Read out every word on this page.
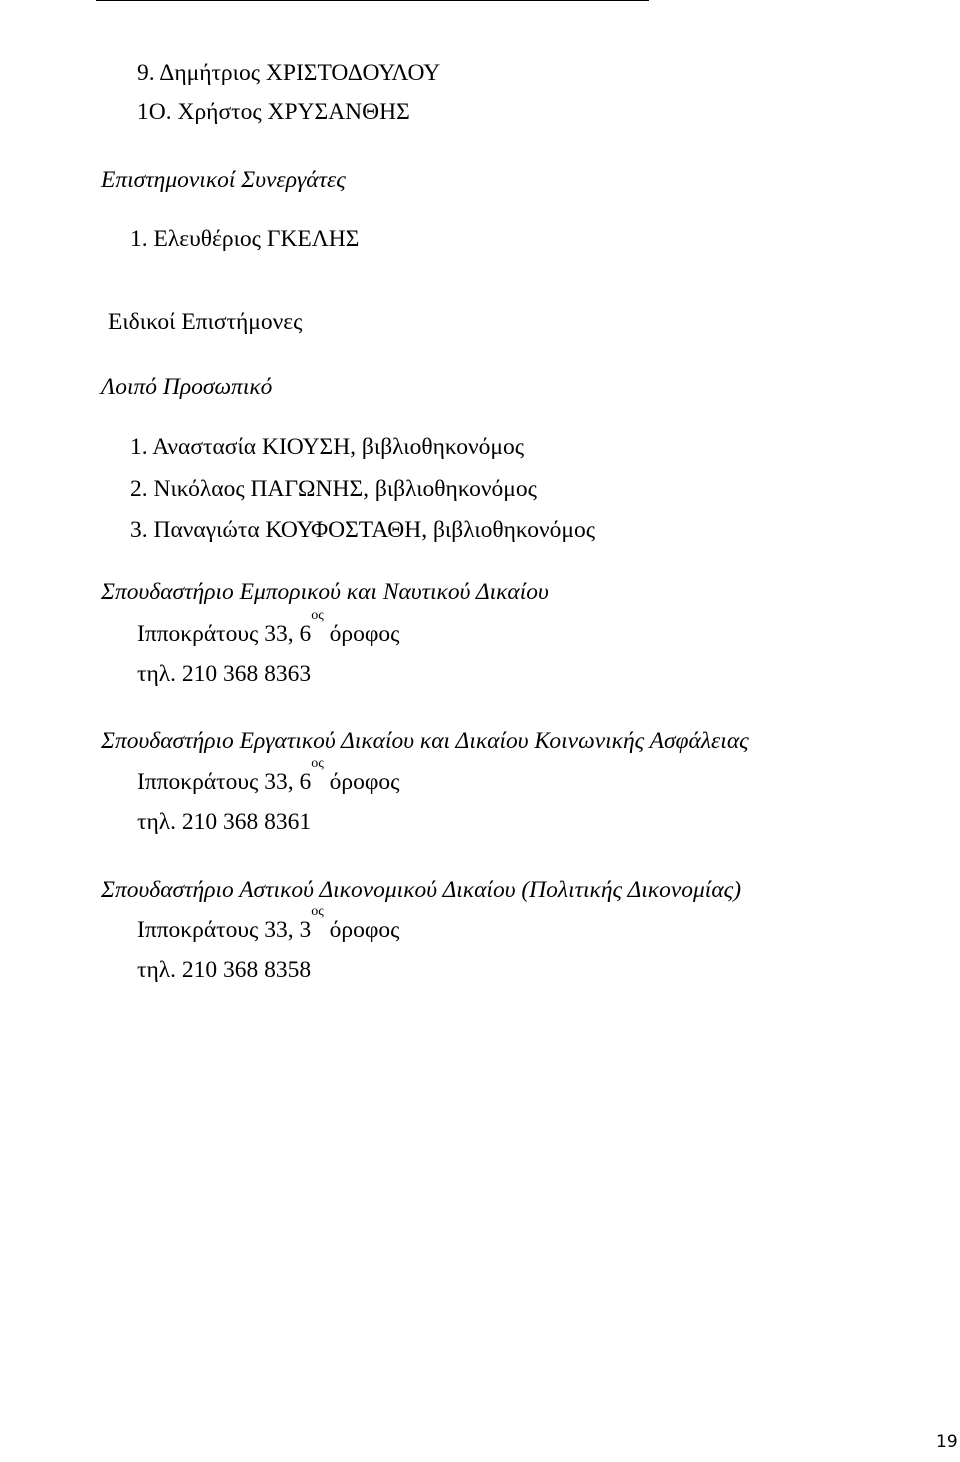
9. Δημήτριος ΧΡΙΣΤΟΔΟΥΛΟΥ
1Ο. Χρήστος ΧΡΥΣΑΝΘΗΣ
Επιστημονικοί Συνεργάτες
1. Ελευθέριος ΓΚΕΛΗΣ
Ειδικοί Επιστήμονες
Λοιπό Προσωπικό
1. Αναστασία ΚΙΟΥΣΗ, βιβλιοθηκονόμος
2. Νικόλαος ΠΑΓΩΝΗΣ, βιβλιοθηκονόμος
3. Παναγιώτα ΚΟΥΦΟΣΤΑΘΗ, βιβλιοθηκονόμος
Σπουδαστήριο Εμπορικού και Ναυτικού Δικαίου
Ιπποκράτους 33, $6^{o\varsigma}$ όροφος
τηλ. 210 368 8363
Σπουδαστήριο Εργατικού Δικαίου και Δικαίου Κοινωνικής Ασφάλειας
Ιπποκράτους 33, $6^{o\varsigma}$ όροφος
τηλ. 210 368 8361
Σπουδαστήριο Αστικού Δικονομικού Δικαίου (Πολιτικής Δικονομίας)
Ιπποκράτους 33, $3^{o\varsigma}$ όροφος
τηλ. 210 368 8358
19
